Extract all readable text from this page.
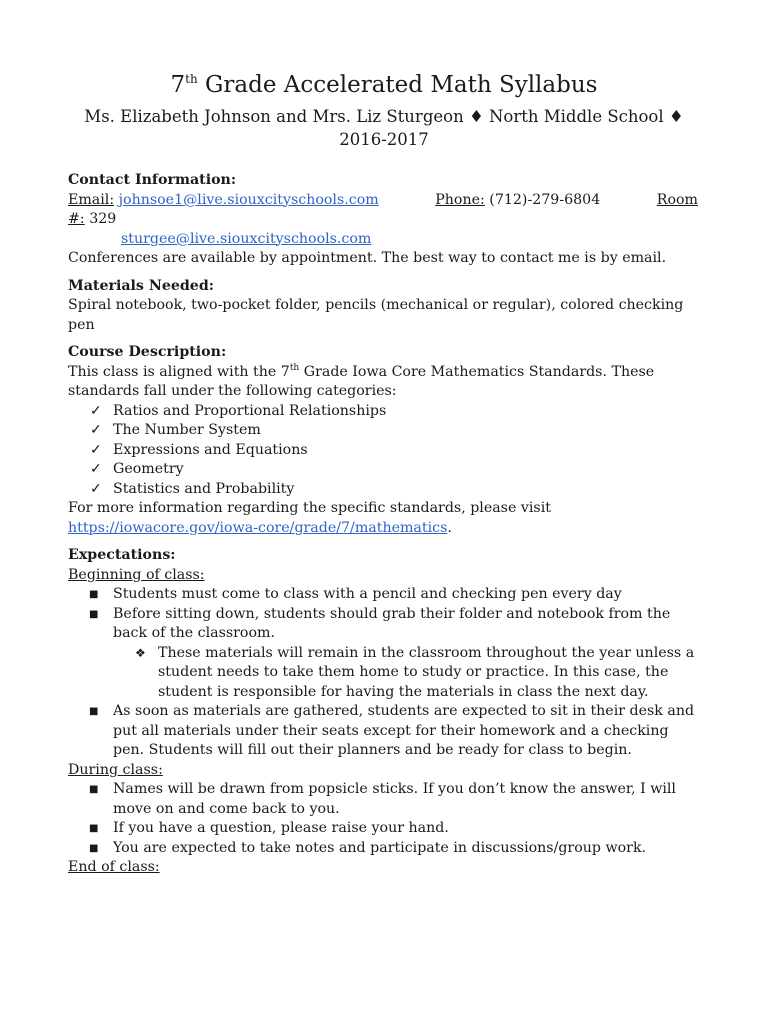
7th Grade Accelerated Math Syllabus

Ms. Elizabeth Johnson and Mrs. Liz Sturgeon ♦ North Middle School ♦ 2016-2017

Contact Information:

Email: johnsoe1@live.siouxcityschools.com	Phone: (712)-279-6804	Room

#: 329

sturgee@live.siouxcityschools.com

Conferences are available by appointment. The best way to contact me is by email.

Materials Needed:

Spiral notebook, two-pocket folder, pencils (mechanical or regular), colored checking pen

Course Description:

This class is aligned with the 7th Grade Iowa Core Mathematics Standards. These standards fall under the following categories:

✓ Ratios and Proportional Relationships
✓ The Number System
✓ Expressions and Equations
✓ Geometry
✓ Statistics and Probability

For more information regarding the specific standards, please visit

https://iowacore.gov/iowa-core/grade/7/mathematics.

Expectations:

Beginning of class:

■ Students must come to class with a pencil and checking pen every day
■ Before sitting down, students should grab their folder and notebook from the back of the classroom.
❖ These materials will remain in the classroom throughout the year unless a student needs to take them home to study or practice. In this case, the student is responsible for having the materials in class the next day.
■ As soon as materials are gathered, students are expected to sit in their desk and put all materials under their seats except for their homework and a checking pen. Students will fill out their planners and be ready for class to begin.

During class:

■ Names will be drawn from popsicle sticks. If you don’t know the answer, I will move on and come back to you.
■ If you have a question, please raise your hand.
■ You are expected to take notes and participate in discussions/group work.

End of class:
